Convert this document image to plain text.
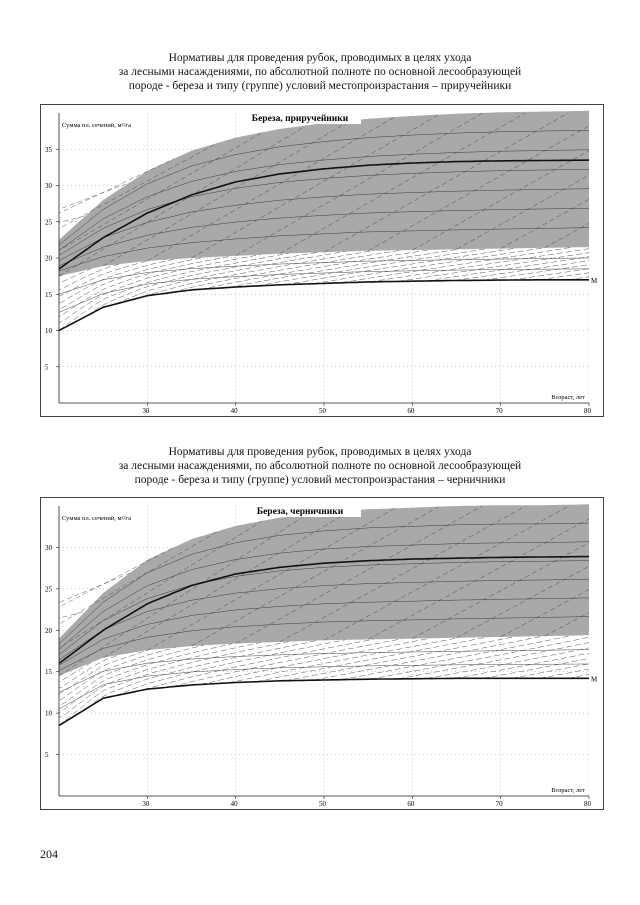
Нормативы для проведения рубок, проводимых в целях ухода
за лесными насаждениями, по абсолютной полноте по основной лесообразующей
породе - береза и типу (группе) условий местопроизрастания – приручейники
М
5
10
15
20
25
30
35
30	40	50	60	70	80
Береза, приручейники
Сумма пл. сечений, м²/га
Возраст, лет
Нормативы для проведения рубок, проводимых в целях ухода
за лесными насаждениями, по абсолютной полноте по основной лесообразующей
породе - береза и типу (группе) условий местопроизрастания – черничники
М
5
10
15
20
25
30
30	40	50	60	70	80
Береза, черничники
Сумма пл. сечений, м²/га
Возраст, лет
204
